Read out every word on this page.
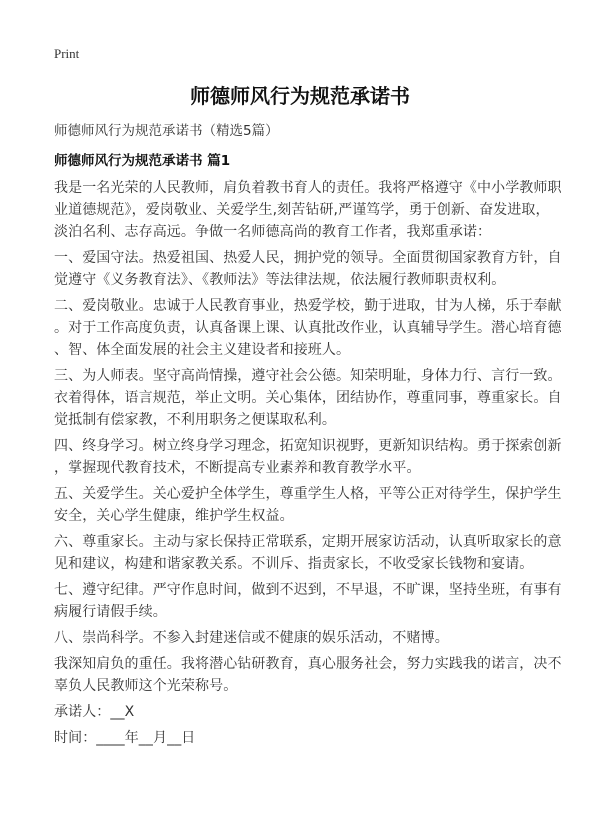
Print
师德师风行为规范承诺书
师德师风行为规范承诺书（精选5篇）
师德师风行为规范承诺书 篇1
我是一名光荣的人民教师，肩负着教书育人的责任。我将严格遵守《中小学教师职
业道德规范》，爱岗敬业、关爱学生,刻苦钻研,严谨笃学，勇于创新、奋发进取，
淡泊名利、志存高远。争做一名师德高尚的教育工作者，我郑重承诺：
一、爱国守法。热爱祖国、热爱人民，拥护党的领导。全面贯彻国家教育方针，自
觉遵守《义务教育法》、《教师法》等法律法规，依法履行教师职责权利。
二、爱岗敬业。忠诚于人民教育事业，热爱学校，勤于进取，甘为人梯，乐于奉献
。对于工作高度负责，认真备课上课、认真批改作业，认真辅导学生。潜心培育德
、智、体全面发展的社会主义建设者和接班人。
三、为人师表。坚守高尚情操，遵守社会公德。知荣明耻，身体力行、言行一致。
衣着得体，语言规范，举止文明。关心集体，团结协作，尊重同事，尊重家长。自
觉抵制有偿家教，不利用职务之便谋取私利。
四、终身学习。树立终身学习理念，拓宽知识视野，更新知识结构。勇于探索创新
，掌握现代教育技术，不断提高专业素养和教育教学水平。
五、关爱学生。关心爱护全体学生，尊重学生人格，平等公正对待学生，保护学生
安全，关心学生健康，维护学生权益。
六、尊重家长。主动与家长保持正常联系，定期开展家访活动，认真听取家长的意
见和建议，构建和谐家教关系。不训斥、指责家长，不收受家长钱物和宴请。
七、遵守纪律。严守作息时间，做到不迟到，不早退，不旷课，坚持坐班，有事有
病履行请假手续。
八、崇尚科学。不参入封建迷信或不健康的娱乐活动，不赌博。
我深知肩负的重任。我将潜心钻研教育，真心服务社会，努力实践我的诺言，决不
辜负人民教师这个光荣称号。
承诺人：__X
时间：____年__月__日
